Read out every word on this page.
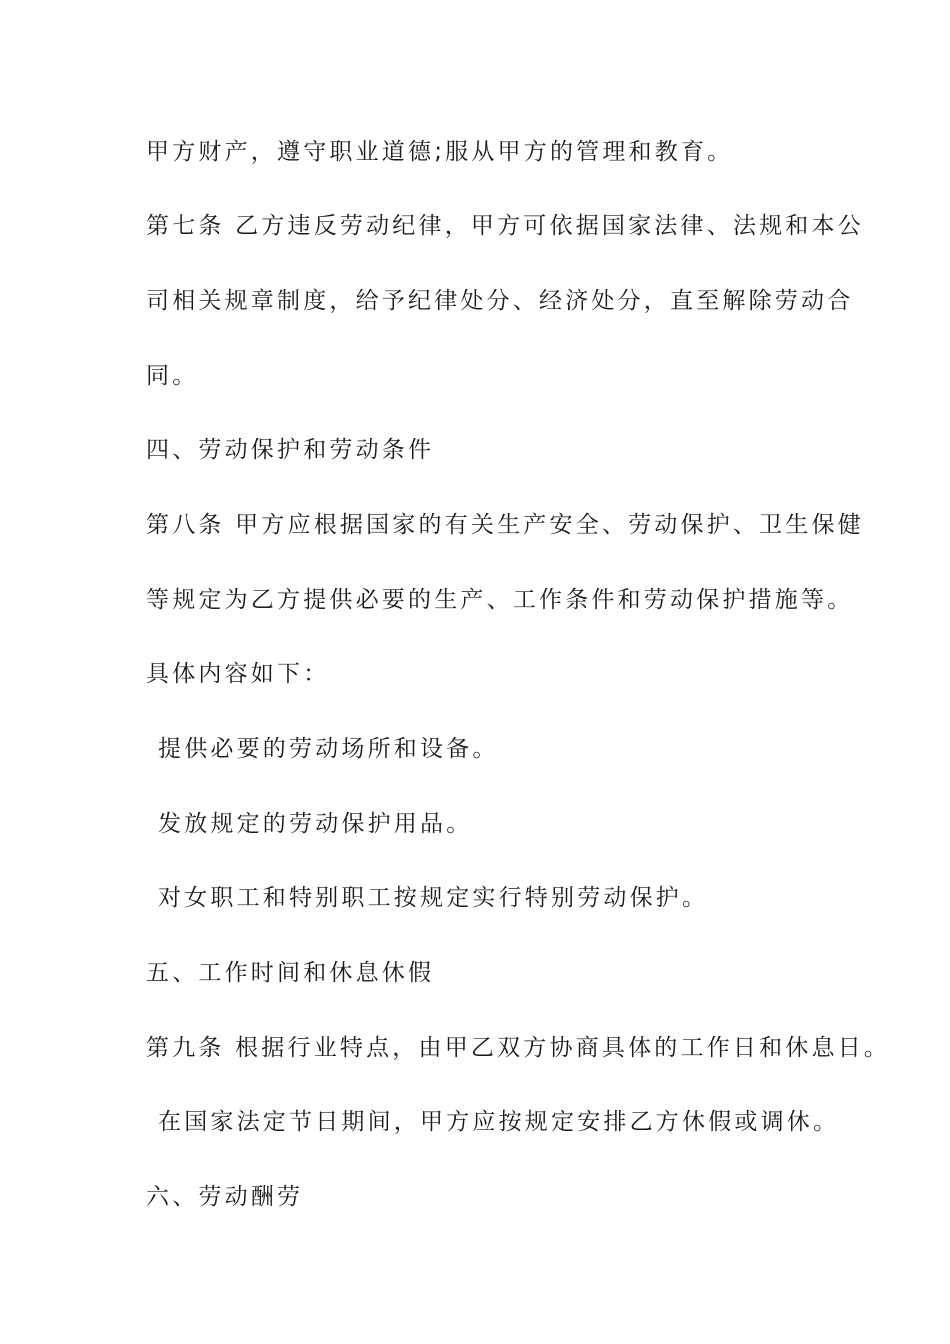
甲方财产，遵守职业道德;服从甲方的管理和教育。
第七条 乙方违反劳动纪律，甲方可依据国家法律、法规和本公
司相关规章制度，给予纪律处分、经济处分，直至解除劳动合
同。
四、劳动保护和劳动条件
第八条 甲方应根据国家的有关生产安全、劳动保护、卫生保健
等规定为乙方提供必要的生产、工作条件和劳动保护措施等。
具体内容如下：
提供必要的劳动场所和设备。
发放规定的劳动保护用品。
对女职工和特别职工按规定实行特别劳动保护。
五、工作时间和休息休假
第九条 根据行业特点，由甲乙双方协商具体的工作日和休息日。
在国家法定节日期间，甲方应按规定安排乙方休假或调休。
六、劳动酬劳
